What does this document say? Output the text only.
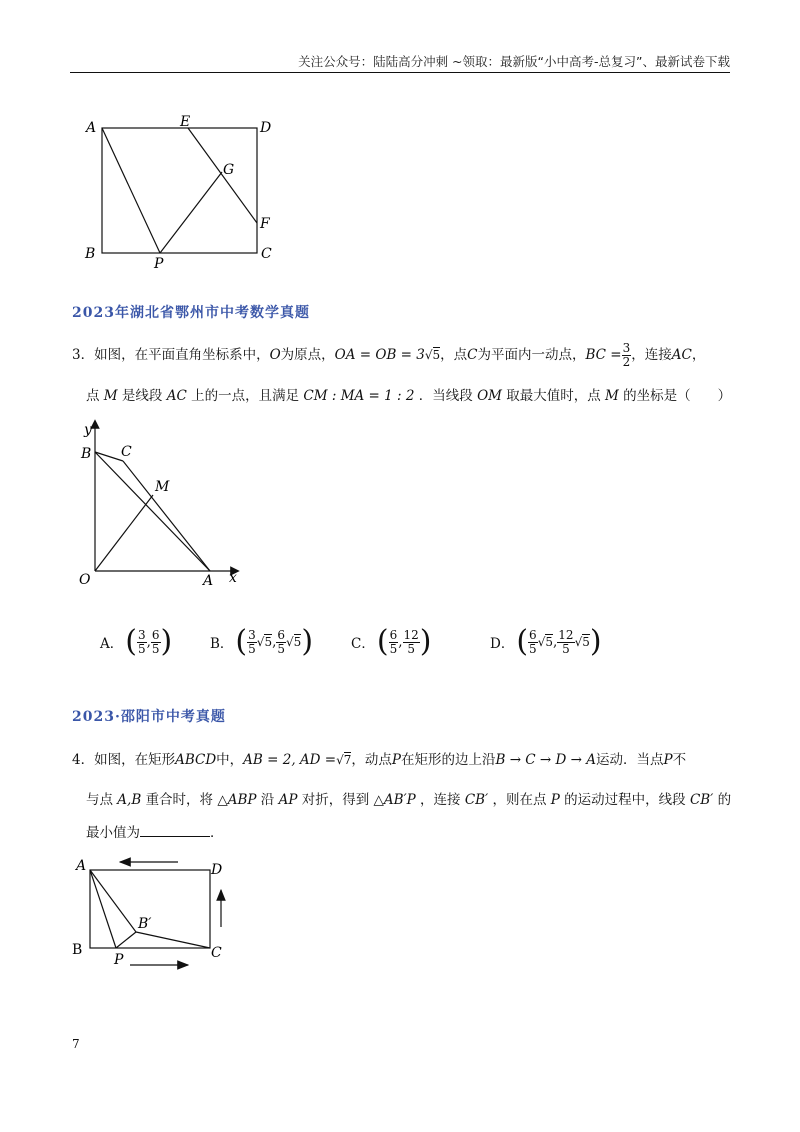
关注公众号：陆陆高分冲刺 ~领取：最新版“小中高考-总复习”、最新试卷下载
A	E	D
G
F
B
P
C
2023年湖北省鄂州市中考数学真题
3．如图，在平面直角坐标系中， O 为原点， OA = OB = 3 √5 ，点 C 为平面内一动点， BC = $\frac{3}{2}$ ，连接 AC ，
点 M 是线段 AC 上的一点，且满足 CM : MA = 1 : 2 ．当线段 OM 取最大值时，点 M 的坐标是（　　）
y
B C
M
O	A x
A． ( $\frac{3}{5}$ , $\frac{6}{5}$ )	B． ( $\frac{3}{5} √5$ , $\frac{6}{5} √5$ )	C． ( $\frac{6}{5}$ , $\frac{12}{5}$ )	D． ( $\frac{6}{5} √5$ , $\frac{12}{5} √5$ )
2023·邵阳市中考真题
4．如图，在矩形 ABCD 中， AB = 2, AD = √7 ，动点 P 在矩形的边上沿 B → C → D → A 运动．当点 P 不
与点 A,B 重合时，将 △ABP 沿 AP 对折，得到 △AB′P ，连接 CB′ ，则在点 P 的运动过程中，线段 CB′ 的
最小值为	．
A	D
B′
B
P	C
7
